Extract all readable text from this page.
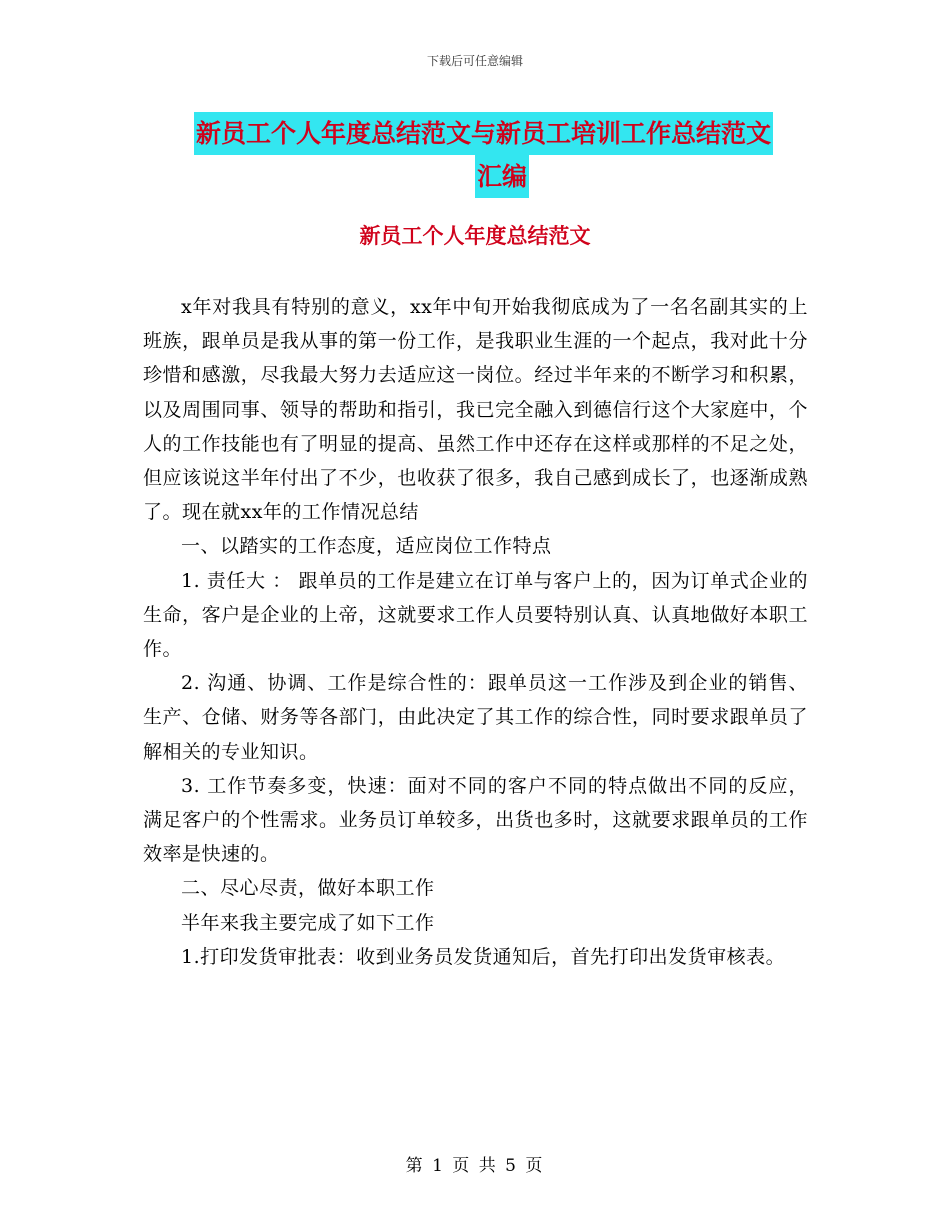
下载后可任意编辑
新员工个人年度总结范文与新员工培训工作总结范文
汇编
新员工个人年度总结范文

x年对我具有特别的意义，xx年中旬开始我彻底成为了一名名副其实的上班族，跟单员是我从事的第一份工作，是我职业生涯的一个起点，我对此十分珍惜和感激，尽我最大努力去适应这一岗位。经过半年来的不断学习和积累，以及周围同事、领导的帮助和指引，我已完全融入到德信行这个大家庭中，个人的工作技能也有了明显的提高、虽然工作中还存在这样或那样的不足之处，但应该说这半年付出了不少，也收获了很多，我自己感到成长了，也逐渐成熟了。现在就xx年的工作情况总结

一、以踏实的工作态度，适应岗位工作特点

1. 责任大 ： 跟单员的工作是建立在订单与客户上的，因为订单式企业的生命，客户是企业的上帝，这就要求工作人员要特别认真、认真地做好本职工作。

2. 沟通、协调、工作是综合性的：跟单员这一工作涉及到企业的销售、生产、仓储、财务等各部门，由此决定了其工作的综合性，同时要求跟单员了解相关的专业知识。

3. 工作节奏多变，快速：面对不同的客户不同的特点做出不同的反应，满足客户的个性需求。业务员订单较多，出货也多时，这就要求跟单员的工作效率是快速的。

二、尽心尽责，做好本职工作

半年来我主要完成了如下工作

1.打印发货审批表：收到业务员发货通知后，首先打印出发货审核表。

第 1 页 共 5 页
